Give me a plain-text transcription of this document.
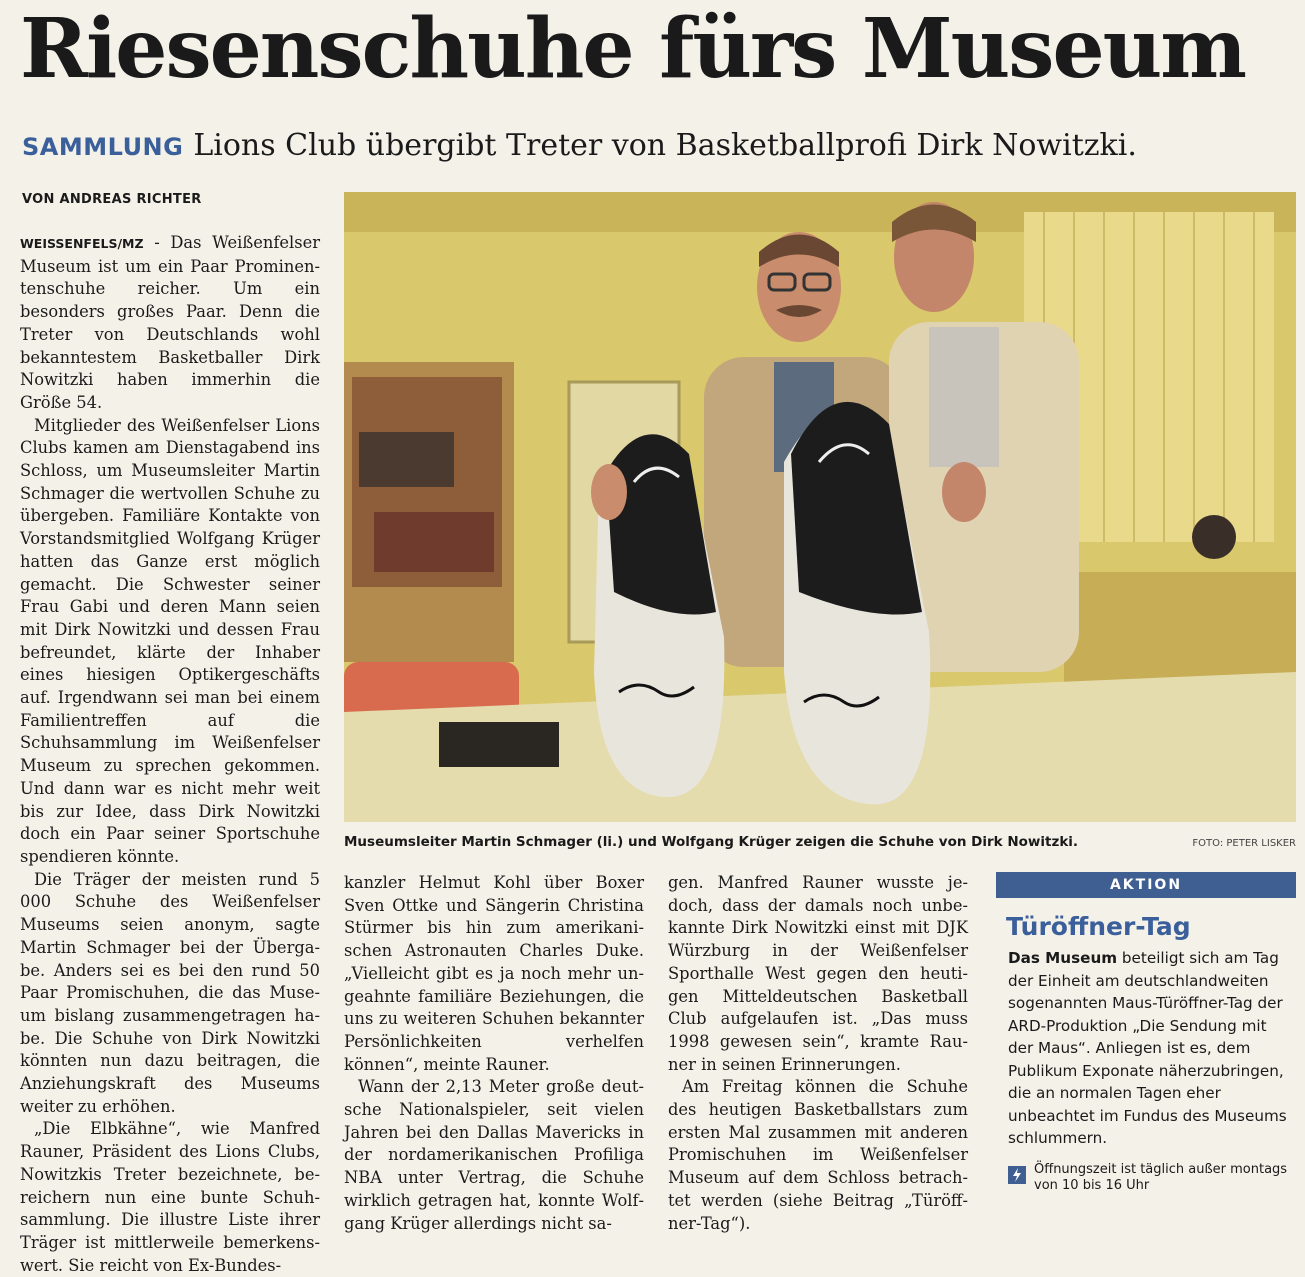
Riesenschuhe fürs Museum
SAMMLUNG Lions Club übergibt Treter von Basketballprofi Dirk Nowitzki.
VON ANDREAS RICHTER
Museumsleiter Martin Schmager (li.) und Wolfgang Krüger zeigen die Schuhe von Dirk Nowitzki.	FOTO: PETER LISKER

WEISSENFELS/MZ - Das Weißenfelser Museum ist um ein Paar Prominentenschuhe reicher. Um ein besonders großes Paar. Denn die Treter von Deutschlands wohl bekanntestem Basketballer Dirk Nowitzki haben immerhin die Größe 54.

Mitglieder des Weißenfelser Lions Clubs kamen am Dienstagabend ins Schloss, um Museumsleiter Martin Schmager die wertvollen Schuhe zu übergeben. Familiäre Kontakte von Vorstandsmitglied Wolfgang Krüger hatten das Ganze erst möglich gemacht. Die Schwester seiner Frau Gabi und deren Mann seien mit Dirk Nowitzki und dessen Frau befreundet, klärte der Inhaber eines hiesigen Optikergeschäfts auf. Irgendwann sei man bei einem Familientreffen auf die Schuhsammlung im Weißenfelser Museum zu sprechen gekommen. Und dann war es nicht mehr weit bis zur Idee, dass Dirk Nowitzki doch ein Paar seiner Sportschuhe spendieren könnte.

Die Träger der meisten rund 5 000 Schuhe des Weißenfelser Museums seien anonym, sagte Martin Schmager bei der Übergabe. Anders sei es bei den rund 50 Paar Promischuhen, die das Museum bislang zusammengetragen habe. Die Schuhe von Dirk Nowitzki könnten nun dazu beitragen, die Anziehungskraft des Museums weiter zu erhöhen.

„Die Elbkähne“, wie Manfred Rauner, Präsident des Lions Clubs, Nowitzkis Treter bezeichnete, bereichern nun eine bunte Schuhsammlung. Die illustre Liste ihrer Träger ist mittlerweile bemerkenswert. Sie reicht von Ex-Bundes-

kanzler Helmut Kohl über Boxer Sven Ottke und Sängerin Christina Stürmer bis hin zum amerikanischen Astronauten Charles Duke. „Vielleicht gibt es ja noch mehr ungeahnte familiäre Beziehungen, die uns zu weiteren Schuhen bekannter Persönlichkeiten verhelfen können“, meinte Rauner.

Wann der 2,13 Meter große deutsche Nationalspieler, seit vielen Jahren bei den Dallas Mavericks in der nordamerikanischen Profiliga NBA unter Vertrag, die Schuhe wirklich getragen hat, konnte Wolfgang Krüger allerdings nicht sa-

gen. Manfred Rauner wusste jedoch, dass der damals noch unbekannte Dirk Nowitzki einst mit DJK Würzburg in der Weißenfelser Sporthalle West gegen den heutigen Mitteldeutschen Basketball Club aufgelaufen ist. „Das muss 1998 gewesen sein“, kramte Rauner in seinen Erinnerungen.

Am Freitag können die Schuhe des heutigen Basketballstars zum ersten Mal zusammen mit anderen Promischuhen im Weißenfelser Museum auf dem Schloss betrachtet werden (siehe Beitrag „Türöffner-Tag“).

AKTION
Türöffner-Tag

Das Museum beteiligt sich am Tag der Einheit am deutschlandweiten sogenannten Maus-Türöffner-Tag der ARD-Produktion „Die Sendung mit der Maus“. Anliegen ist es, dem Publikum Exponate näherzubringen, die an normalen Tagen eher unbeachtet im Fundus des Museums schlummern.

Öffnungszeit ist täglich außer montags von 10 bis 16 Uhr
